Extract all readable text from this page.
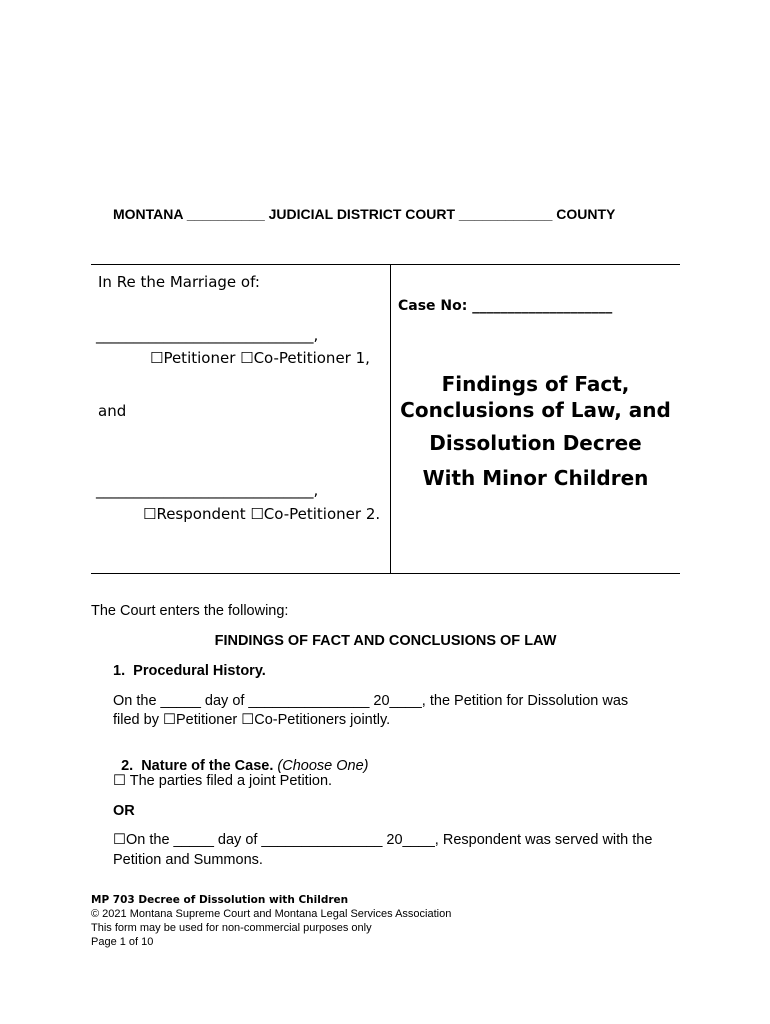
MONTANA __________ JUDICIAL DISTRICT COURT ____________ COUNTY
In Re the Marriage of:
_____________________________,
☐Petitioner ☐Co-Petitioner 1,
and
_____________________________,
☐Respondent ☐Co-Petitioner 2.
Case No: ____________________
Findings of Fact,
Conclusions of Law, and
Dissolution Decree
With Minor Children
The Court enters the following:
FINDINGS OF FACT AND CONCLUSIONS OF LAW
1.  Procedural History.
On the _____ day of _______________ 20____, the Petition for Dissolution was
filed by ☐Petitioner ☐Co-Petitioners jointly.

2.  Nature of the Case. (Choose One)

☐ The parties filed a joint Petition.
OR
☐On the _____ day of _______________ 20____, Respondent was served with the
Petition and Summons.
MP 703 Decree of Dissolution with Children
© 2021 Montana Supreme Court and Montana Legal Services Association
This form may be used for non-commercial purposes only
Page 1 of 10
